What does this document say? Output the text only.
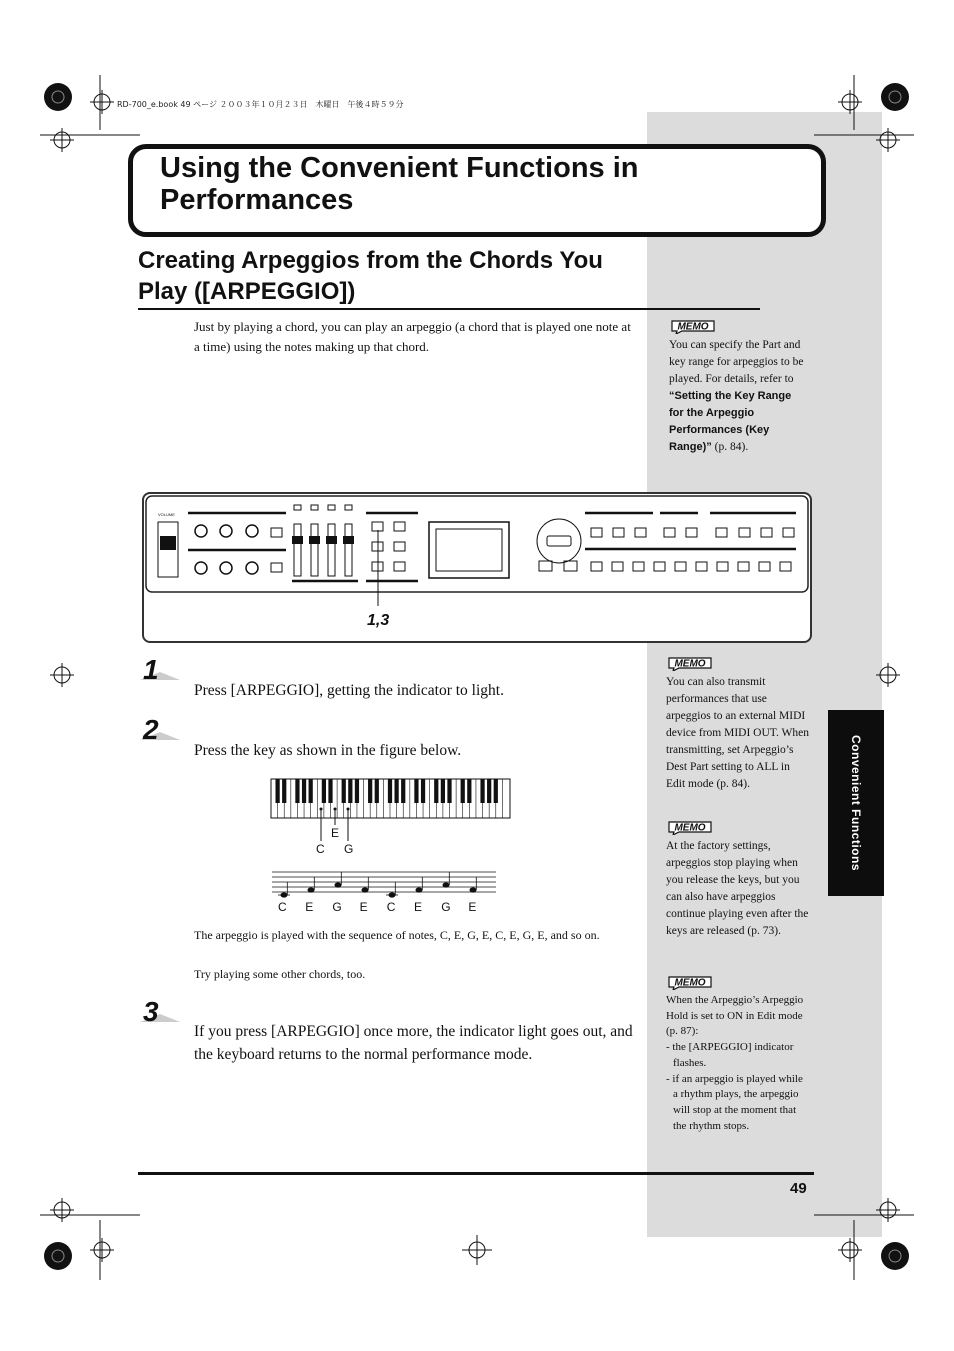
Convenient Functions
RD-700_e.book 49 ページ ２００３年１０月２３日　木曜日　午後４時５９分
Using the Convenient Functions in Performances
Creating Arpeggios from the Chords You Play ([ARPEGGIO])
Just by playing a chord, you can play an arpeggio (a chord that is played one note at a time) using the notes making up that chord.
MEMO
You can specify the Part and key range for arpeggios to be played. For details, refer to “Setting the Key Range for the Arpeggio Performances (Key Range)” (p. 84).
VOLUME
1,3
1
Press [ARPEGGIO], getting the indicator to light.
2
Press the key as shown in the figure below.
E
C G
C E G E C E G E
The arpeggio is played with the sequence of notes, C, E, G, E, C, E, G, E, and so on.
Try playing some other chords, too.
3
If you press [ARPEGGIO] once more, the indicator light goes out, and the keyboard returns to the normal performance mode.
MEMO
You can also transmit performances that use arpeggios to an external MIDI device from MIDI OUT. When transmitting, set Arpeggio’s Dest Part setting to ALL in Edit mode (p. 84).
MEMO
At the factory settings, arpeggios stop playing when you release the keys, but you can also have arpeggios continue playing even after the keys are released (p. 73).
MEMO
When the Arpeggio’s Arpeggio Hold is set to ON in Edit mode (p. 87):
- the [ARPEGGIO] indicator flashes.
- if an arpeggio is played while a rhythm plays, the arpeggio will stop at the moment that the rhythm stops.
49
